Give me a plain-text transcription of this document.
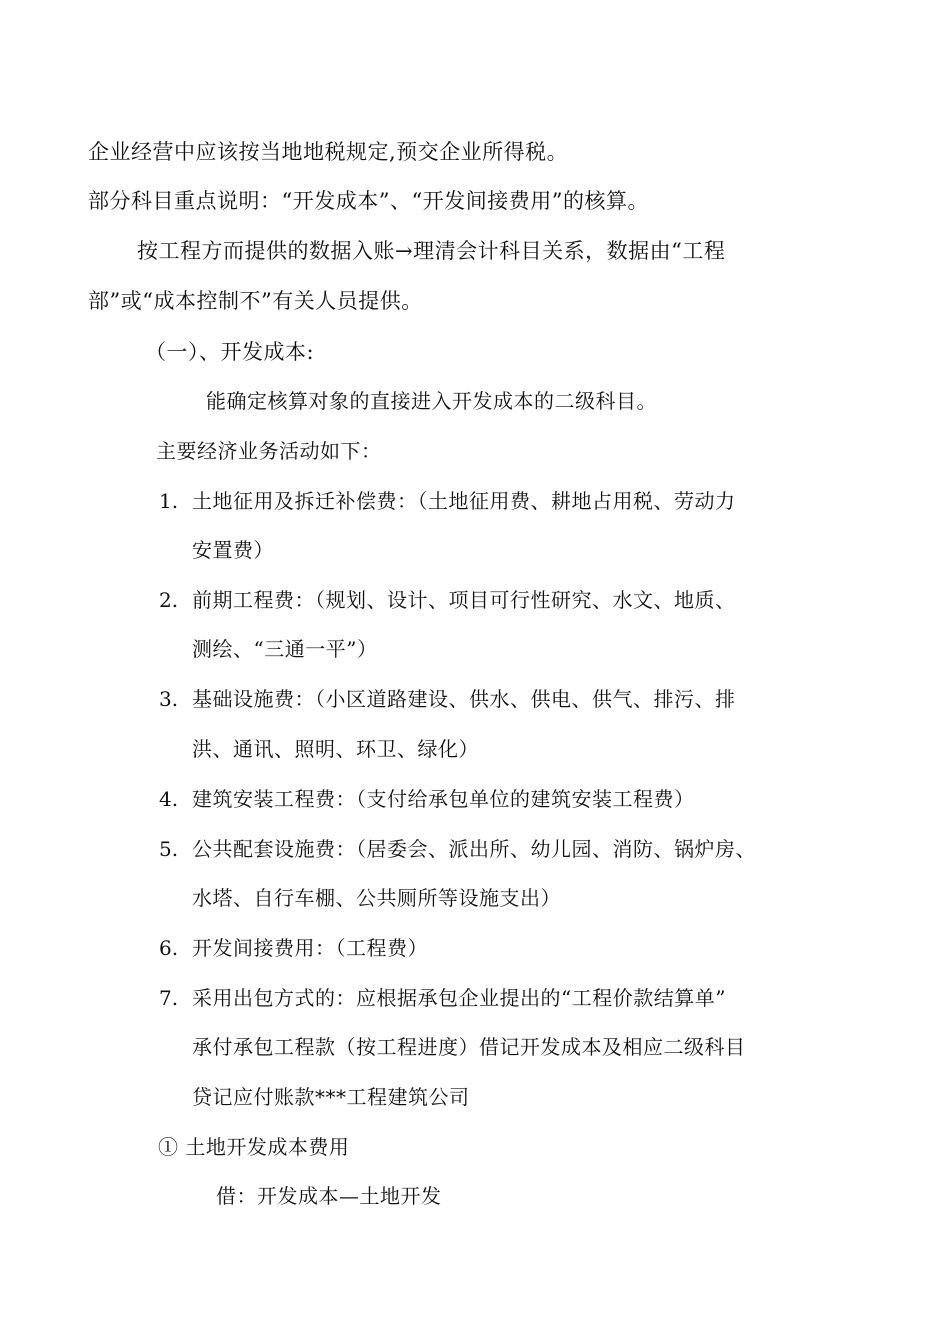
企业经营中应该按当地地税规定,预交企业所得税。
部分科目重点说明：“开发成本”、“开发间接费用”的核算。
按工程方而提供的数据入账→理清会计科目关系，数据由“工程
部”或“成本控制不”有关人员提供。
（一）、开发成本:
能确定核算对象的直接进入开发成本的二级科目。
主要经济业务活动如下：
1. 土地征用及拆迁补偿费：（土地征用费、耕地占用税、劳动力
安置费）
2. 前期工程费：（规划、设计、项目可行性研究、水文、地质、
测绘、“三通一平”）
3. 基础设施费：（小区道路建设、供水、供电、供气、排污、排
洪、通讯、照明、环卫、绿化）
4. 建筑安装工程费：（支付给承包单位的建筑安装工程费）
5. 公共配套设施费：（居委会、派出所、幼儿园、消防、锅炉房、
水塔、自行车棚、公共厕所等设施支出）
6. 开发间接费用：（工程费）
7. 采用出包方式的：应根据承包企业提出的“工程价款结算单”
承付承包工程款（按工程进度）借记开发成本及相应二级科目
贷记应付账款***工程建筑公司
① 土地开发成本费用
借：开发成本—土地开发
